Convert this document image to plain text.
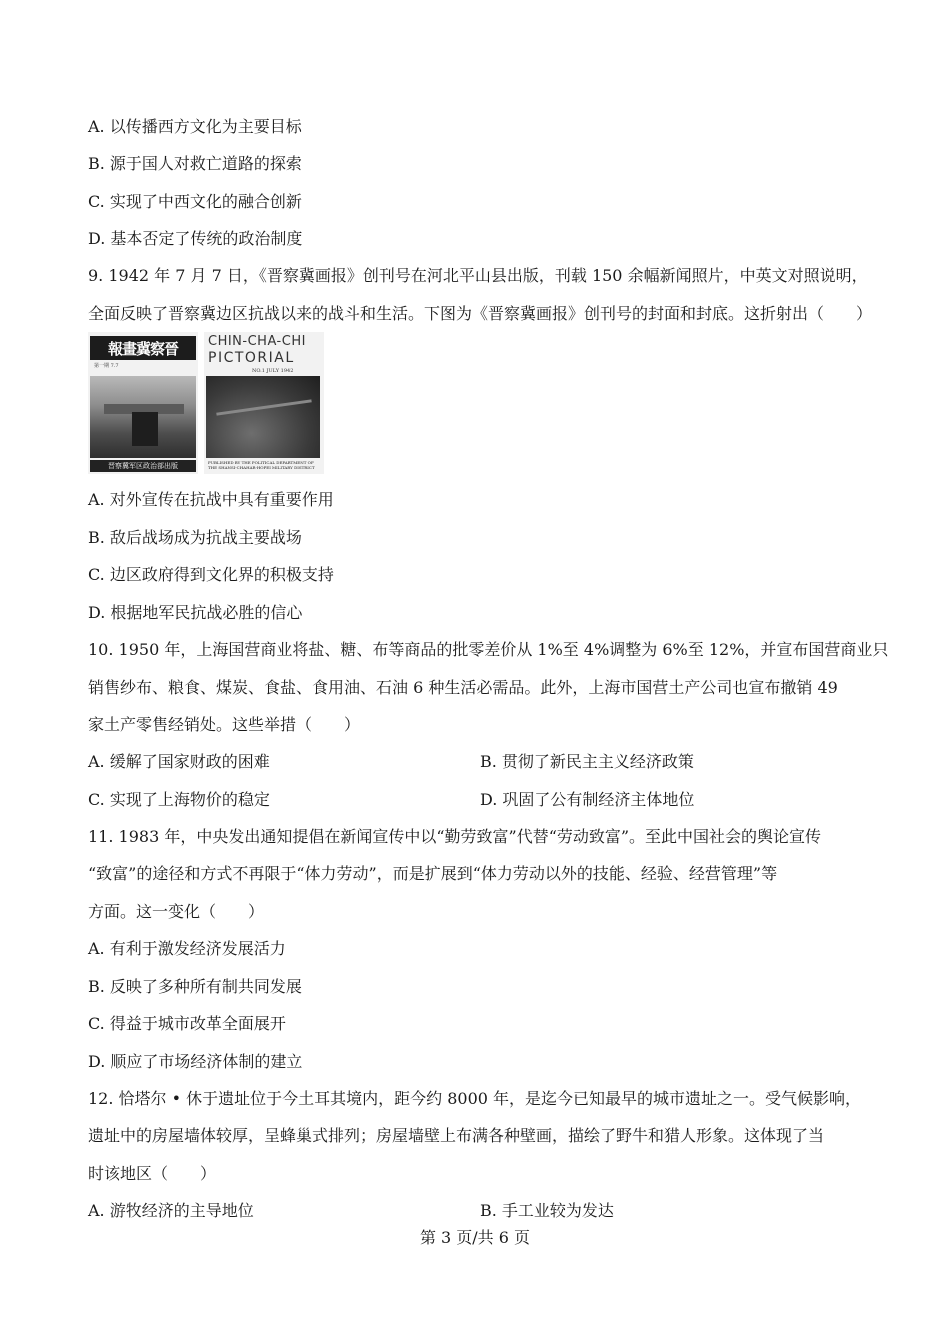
A. 以传播西方文化为主要目标
B. 源于国人对救亡道路的探索
C. 实现了中西文化的融合创新
D. 基本否定了传统的政治制度
9. 1942 年 7 月 7 日，《晋察冀画报》创刊号在河北平山县出版，刊载 150 余幅新闻照片，中英文对照说明，
全面反映了晋察冀边区抗战以来的战斗和生活。下图为《晋察冀画报》创刊号的封面和封底。这折射出（　　）
報畫冀察晉
第一期 7.7
晋察冀军区政治部出版
CHIN-CHA-CHI
PICTORIAL
NO.1 JULY 1942
PUBLISHED BY THE POLITICAL DEPARTMENT OF THE SHANSI-CHAHAR-HOPEI MILITARY DISTRICT
A. 对外宣传在抗战中具有重要作用
B. 敌后战场成为抗战主要战场
C. 边区政府得到文化界的积极支持
D. 根据地军民抗战必胜的信心
10. 1950 年，上海国营商业将盐、糖、布等商品的批零差价从 1%至 4%调整为 6%至 12%，并宣布国营商业只
销售纱布、粮食、煤炭、食盐、食用油、石油 6 种生活必需品。此外，上海市国营土产公司也宣布撤销 49
家土产零售经销处。这些举措（　　）
A. 缓解了国家财政的困难	B. 贯彻了新民主主义经济政策
C. 实现了上海物价的稳定	D. 巩固了公有制经济主体地位
11. 1983 年，中央发出通知提倡在新闻宣传中以“勤劳致富”代替“劳动致富”。至此中国社会的舆论宣传
“致富”的途径和方式不再限于“体力劳动”，而是扩展到“体力劳动以外的技能、经验、经营管理”等
方面。这一变化（　　）
A. 有利于激发经济发展活力
B. 反映了多种所有制共同发展
C. 得益于城市改革全面展开
D. 顺应了市场经济体制的建立
12. 恰塔尔 • 休于遗址位于今土耳其境内，距今约 8000 年，是迄今已知最早的城市遗址之一。受气候影响，
遗址中的房屋墙体较厚，呈蜂巢式排列；房屋墙壁上布满各种壁画，描绘了野牛和猎人形象。这体现了当
时该地区（　　）
A. 游牧经济的主导地位	B. 手工业较为发达
第 3 页/共 6 页
